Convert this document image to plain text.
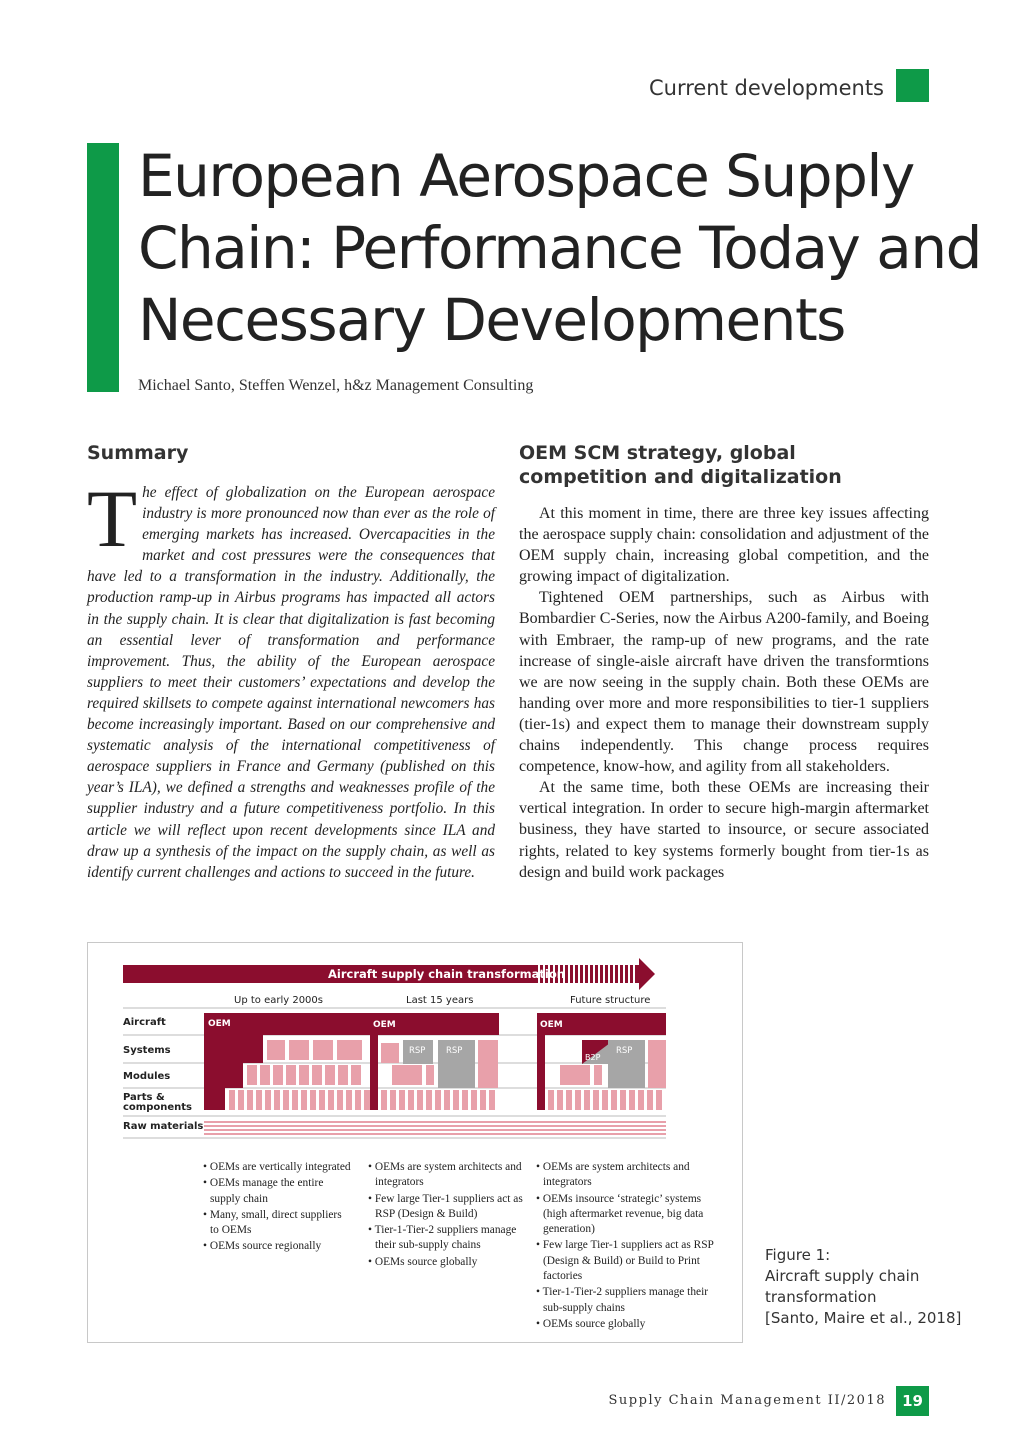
Current developments
European Aerospace Supply Chain: Performance Today and Necessary Developments
Michael Santo, Steffen Wenzel, h&z Management Consulting
Summary
The effect of globalization on the European aerospace industry is more pronounced now than ever as the role of emerging markets has increased. Overcapacities in the market and cost pressures were the consequences that have led to a transformation in the industry. Additionally, the production ramp-up in Airbus programs has impacted all actors in the supply chain. It is clear that digitalization is fast becoming an essential lever of transformation and performance improvement. Thus, the ability of the European aerospace suppliers to meet their customers’ expectations and develop the required skillsets to compete against international newcomers has become increasingly important. Based on our comprehensive and systematic analysis of the international competitiveness of aerospace suppliers in France and Germany (published on this year’s ILA), we defined a strengths and weaknesses profile of the supplier industry and a future competitiveness portfolio. In this article we will reflect upon recent developments since ILA and draw up a synthesis of the impact on the supply chain, as well as identify current challenges and actions to succeed in the future.
OEM SCM strategy, global competition and digitalization

At this moment in time, there are three key issues affecting the aerospace supply chain: consolidation and adjustment of the OEM supply chain, increasing global competition, and the growing impact of digitalization.

Tightened OEM partnerships, such as Airbus with Bombardier C-Series, now the Airbus A200-family, and Boeing with Embraer, the ramp-up of new programs, and the rate increase of single-aisle aircraft have driven the transformtions we are now seeing in the supply chain. Both these OEMs are handing over more and more responsibilities to tier-1 suppliers (tier-1s) and expect them to manage their downstream supply chains independently. This change process requires competence, know-how, and agility from all stakeholders.

At the same time, both these OEMs are increasing their vertical integration. In order to secure high-margin aftermarket business, they have started to insource, or secure associated rights, related to key systems formerly bought from tier-1s as design and build work packages

Aircraft supply chain transformation
Up to early 2000s	Last 15 years	Future structure
Aircraft
Systems
Modules
Parts &
components
Raw materials
OEM	OEM
RSP RSP
OEM
B2P
RSP
• OEMs are vertically integrated
• OEMs manage the entire supply chain
• Many, small, direct suppliers to OEMs
• OEMs source regionally
• OEMs are system architects and integrators
• Few large Tier-1 suppliers act as RSP (Design & Build)
• Tier-1-Tier-2 suppliers manage their sub-supply chains
• OEMs source globally
• OEMs are system architects and integrators
• OEMs insource ‘strategic’ systems (high aftermarket revenue, big data generation)
• Few large Tier-1 suppliers act as RSP (Design & Build) or Build to Print factories
• Tier-1-Tier-2 suppliers manage their sub-supply chains
• OEMs source globally
Figure 1:
Aircraft supply chain transformation
[Santo, Maire et al., 2018]
Supply Chain Management II/2018	19
